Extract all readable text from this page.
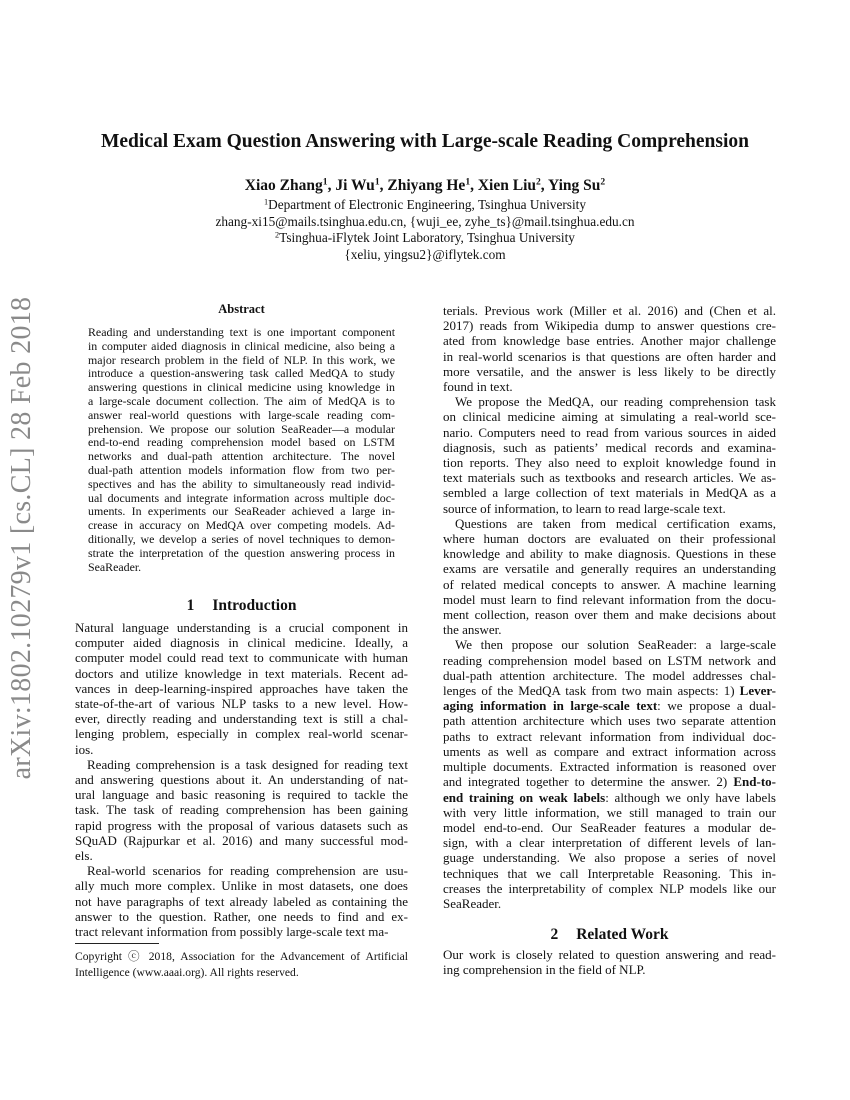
arXiv:1802.10279v1 [cs.CL] 28 Feb 2018
Medical Exam Question Answering with Large-scale Reading Comprehension
Xiao Zhang$^1$ , Ji Wu$^1$ , Zhiyang He$^1$ , Xien Liu$^2$ , Ying Su$^2$
$^1$Department of Electronic Engineering, Tsinghua University
zhang-xi15@mails.tsinghua.edu.cn, {wuji_ee, zyhe_ts}@mail.tsinghua.edu.cn
$^2$Tsinghua-iFlytek Joint Laboratory, Tsinghua University
{xeliu, yingsu2}@iflytek.com
Abstract
Reading and understanding text is one important component
in computer aided diagnosis in clinical medicine, also being a
major research problem in the field of NLP. In this work, we
introduce a question-answering task called MedQA to study
answering questions in clinical medicine using knowledge in
a large-scale document collection. The aim of MedQA is to
answer real-world questions with large-scale reading com-
prehension. We propose our solution SeaReader—a modular
end-to-end reading comprehension model based on LSTM
networks and dual-path attention architecture. The novel
dual-path attention models information flow from two per-
spectives and has the ability to simultaneously read individ-
ual documents and integrate information across multiple doc-
uments. In experiments our SeaReader achieved a large in-
crease in accuracy on MedQA over competing models. Ad-
ditionally, we develop a series of novel techniques to demon-
strate the interpretation of the question answering process in
SeaReader.
1 Introduction
Natural language understanding is a crucial component in
computer aided diagnosis in clinical medicine. Ideally, a
computer model could read text to communicate with human
doctors and utilize knowledge in text materials. Recent ad-
vances in deep-learning-inspired approaches have taken the
state-of-the-art of various NLP tasks to a new level. How-
ever, directly reading and understanding text is still a chal-
lenging problem, especially in complex real-world scenar-
ios.
Reading comprehension is a task designed for reading text
and answering questions about it. An understanding of nat-
ural language and basic reasoning is required to tackle the
task. The task of reading comprehension has been gaining
rapid progress with the proposal of various datasets such as
SQuAD (Rajpurkar et al. 2016) and many successful mod-
els.
Real-world scenarios for reading comprehension are usu-
ally much more complex. Unlike in most datasets, one does
not have paragraphs of text already labeled as containing the
answer to the question. Rather, one needs to find and ex-
tract relevant information from possibly large-scale text ma-
terials. Previous work (Miller et al. 2016) and (Chen et al.
2017) reads from Wikipedia dump to answer questions cre-
ated from knowledge base entries. Another major challenge
in real-world scenarios is that questions are often harder and
more versatile, and the answer is less likely to be directly
found in text.
We propose the MedQA, our reading comprehension task
on clinical medicine aiming at simulating a real-world sce-
nario. Computers need to read from various sources in aided
diagnosis, such as patients’ medical records and examina-
tion reports. They also need to exploit knowledge found in
text materials such as textbooks and research articles. We as-
sembled a large collection of text materials in MedQA as a
source of information, to learn to read large-scale text.
Questions are taken from medical certification exams,
where human doctors are evaluated on their professional
knowledge and ability to make diagnosis. Questions in these
exams are versatile and generally requires an understanding
of related medical concepts to answer. A machine learning
model must learn to find relevant information from the docu-
ment collection, reason over them and make decisions about
the answer.
We then propose our solution SeaReader: a large-scale
reading comprehension model based on LSTM network and
dual-path attention architecture. The model addresses chal-
lenges of the MedQA task from two main aspects: 1) Lever-
aging information in large-scale text: we propose a dual-
path attention architecture which uses two separate attention
paths to extract relevant information from individual doc-
uments as well as compare and extract information across
multiple documents. Extracted information is reasoned over
and integrated together to determine the answer. 2) End-to-
end training on weak labels: although we only have labels
with very little information, we still managed to train our
model end-to-end. Our SeaReader features a modular de-
sign, with a clear interpretation of different levels of lan-
guage understanding. We also propose a series of novel
techniques that we call Interpretable Reasoning. This in-
creases the interpretability of complex NLP models like our
SeaReader.
2 Related Work
Our work is closely related to question answering and read-
ing comprehension in the field of NLP.
Copyright ⓒ 2018, Association for the Advancement of Artificial
Intelligence (www.aaai.org). All rights reserved.
